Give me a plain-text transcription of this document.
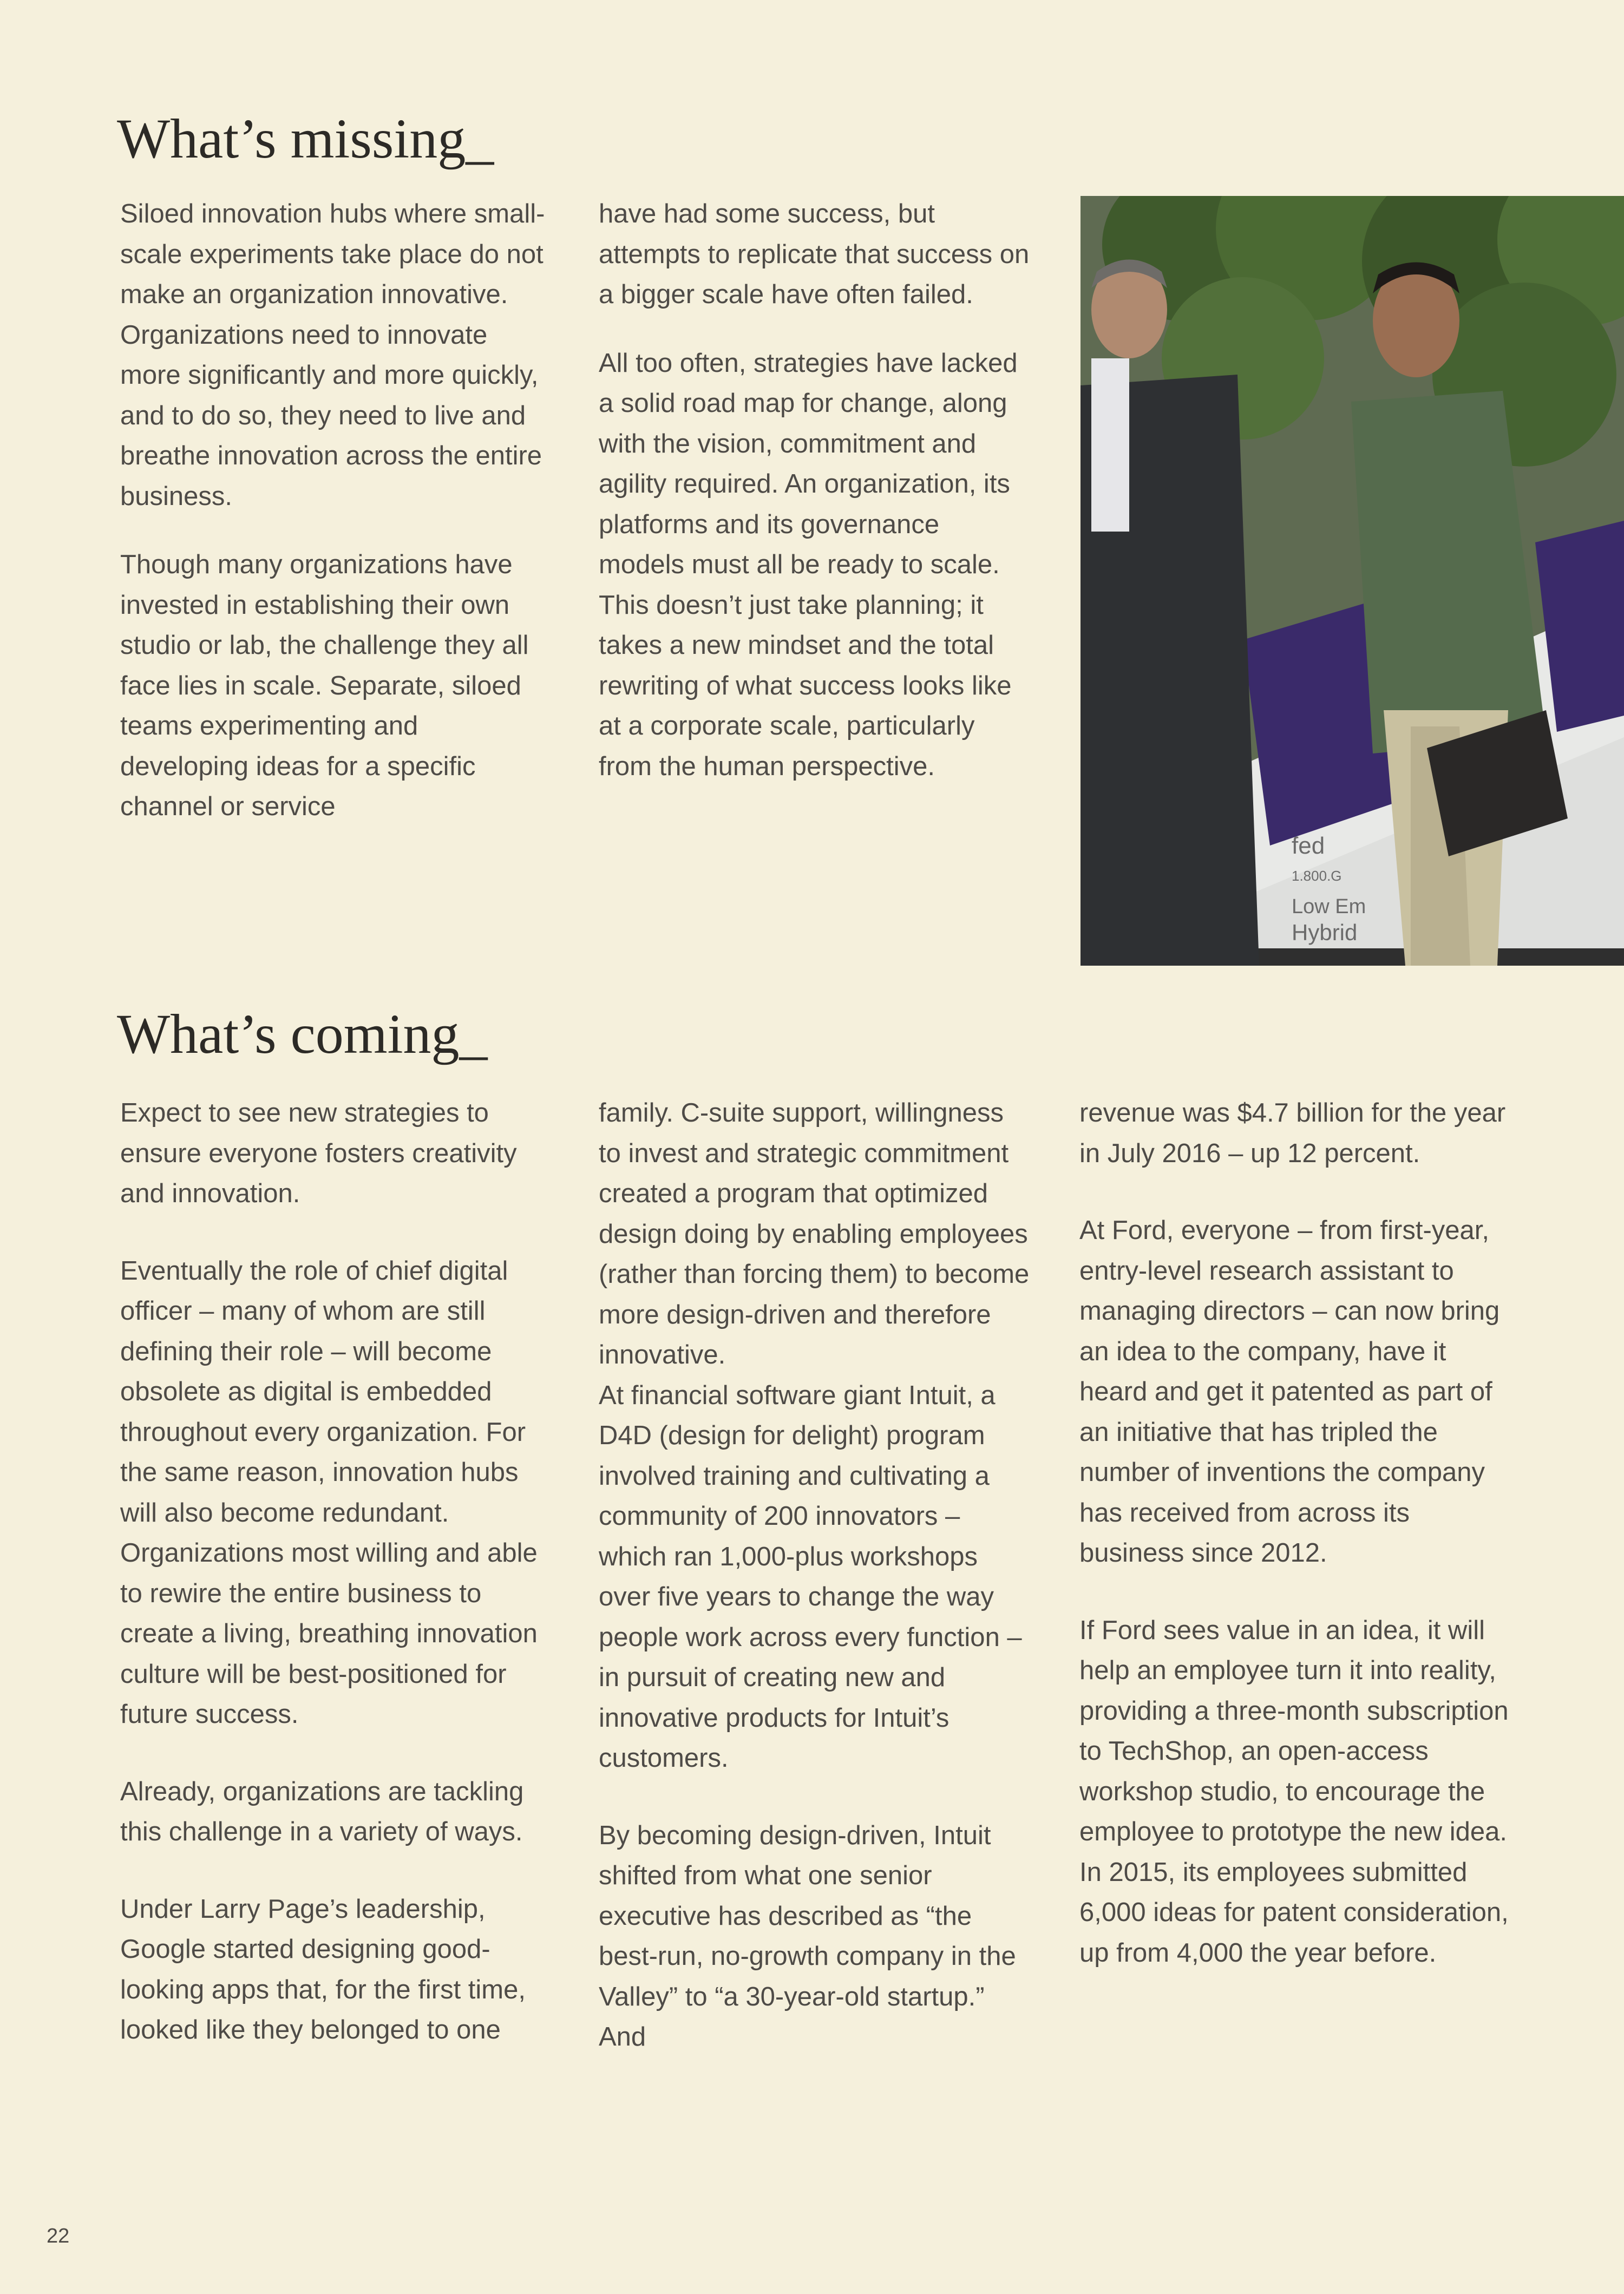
What’s missing_

Siloed innovation hubs where small-scale experiments take place do not make an organization innovative. Organizations need to innovate more significantly and more quickly, and to do so, they need to live and breathe innovation across the entire business.

Though many organizations have invested in establishing their own studio or lab, the challenge they all face lies in scale. Separate, siloed teams experimenting and developing ideas for a specific channel or service

have had some success, but attempts to replicate that success on a bigger scale have often failed.

All too often, strategies have lacked a solid road map for change, along with the vision, commitment and agility required. An organization, its platforms and its governance models must all be ready to scale. This doesn’t just take planning; it takes a new mindset and the total rewriting of what success looks like at a corporate scale, particularly from the human perspective.

fed
1.800.G
Low Em
Hybrid
What’s coming_

Expect to see new strategies to ensure everyone fosters creativity and innovation.

Eventually the role of chief digital officer – many of whom are still defining their role – will become obsolete as digital is embedded throughout every organization. For the same reason, innovation hubs will also become redundant. Organizations most willing and able to rewire the entire business to create a living, breathing innovation culture will be best-positioned for future success.

Already, organizations are tackling this challenge in a variety of ways.

Under Larry Page’s leadership, Google started designing good-looking apps that, for the first time, looked like they belonged to one

family. C-suite support, willingness to invest and strategic commitment created a program that optimized design doing by enabling employees (rather than forcing them) to become more design-driven and therefore innovative.

At financial software giant Intuit, a D4D (design for delight) program involved training and cultivating a community of 200 innovators – which ran 1,000-plus workshops over five years to change the way people work across every function – in pursuit of creating new and innovative products for Intuit’s customers.

By becoming design-driven, Intuit shifted from what one senior executive has described as “the best-run, no-growth company in the Valley” to “a 30-year-old startup.” And

revenue was $4.7 billion for the year in July 2016 – up 12 percent.

At Ford, everyone – from first-year, entry-level research assistant to managing directors – can now bring an idea to the company, have it heard and get it patented as part of an initiative that has tripled the number of inventions the company has received from across its business since 2012.

If Ford sees value in an idea, it will help an employee turn it into reality, providing a three-month subscription to TechShop, an open-access workshop studio, to encourage the employee to prototype the new idea. In 2015, its employees submitted 6,000 ideas for patent consideration, up from 4,000 the year before.

22
